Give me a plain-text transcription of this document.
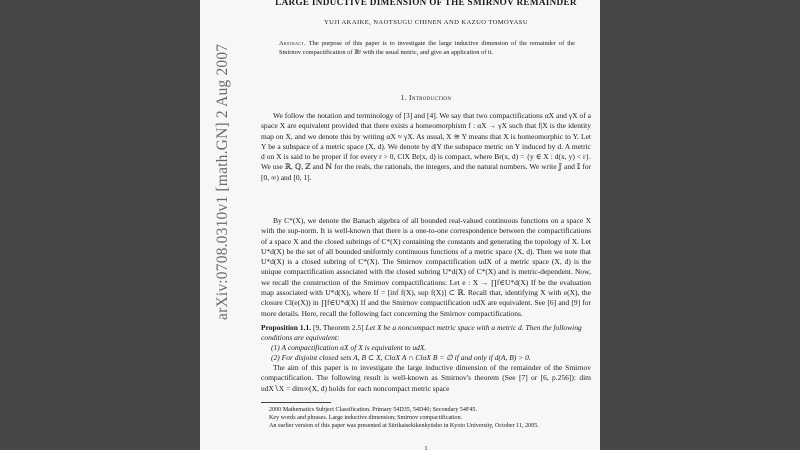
LARGE INDUCTIVE DIMENSION OF THE SMIRNOV REMAINDER
YUJI AKAIKE, NAOTSUGU CHINEN AND KAZUO TOMOYASU
Abstract. The purpose of this paper is to investigate the large inductive dimension of the remainder of the Smirnov compactification of ℝⁿ with the usual metric, and give an application of it.
1. Introduction
We follow the notation and terminology of [3] and [4]. We say that two compactifications αX and γX of a space X are equivalent provided that there exists a homeomorphism f : αX → γX such that f|X is the identity map on X, and we denote this by writing αX ≈ γX. As usual, X ≅ Y means that X is homeomorphic to Y. Let Y be a subspace of a metric space (X, d). We denote by d|Y the subspace metric on Y induced by d. A metric d on X is said to be proper if for every r > 0, ClX Br(x, d) is compact, where Br(x, d) = {y ∈ X : d(x, y) < r}. We use ℝ, ℚ, ℤ and ℕ for the reals, the rationals, the integers, and the natural numbers. We write 𝕁 and 𝕀 for [0, ∞) and [0, 1].
By C*(X), we denote the Banach algebra of all bounded real-valued continuous functions on a space X with the sup-norm. It is well-known that there is a one-to-one correspondence between the compactifications of a space X and the closed subrings of C*(X) containing the constants and generating the topology of X. Let U*d(X) be the set of all bounded uniformly continuous functions of a metric space (X, d). Then we note that U*d(X) is a closed subring of C*(X). The Smirnov compactification udX of a metric space (X, d) is the unique compactification associated with the closed subring U*d(X) of C*(X) and is metric-dependent. Now, we recall the construction of the Smirnov compactifications: Let e : X → ∏f∈U*d(X) If be the evaluation map associated with U*d(X), where If = [inf f(X), sup f(X)] ⊂ ℝ. Recall that, identifying X with e(X), the closure Cl(e(X)) in ∏f∈U*d(X) If and the Smirnov compactification udX are equivalent. See [6] and [9] for more details. Here, recall the following fact concerning the Smirnov compactifications.
Proposition 1.1. [9, Theorem 2.5] Let X be a noncompact metric space with a metric d. Then the following conditions are equivalent:
(1) A compactification αX of X is equivalent to udX.
(2) For disjoint closed sets A, B ⊂ X, ClαX A ∩ ClαX B = ∅ if and only if d(A, B) > 0.
The aim of this paper is to investigate the large inductive dimension of the remainder of the Smirnov compactification. The following result is well-known as Smirnov's theorem (See [7] or [6, p.256]): dim udX∖X = dim∞(X, d) holds for each noncompact metric space
2000 Mathematics Subject Classification. Primary 54D35, 54D40; Secondary 54F45.
Key words and phrases. Large inductive dimension; Smirnov compactification.
An earlier version of this paper was presented at Sūrikaisekikenkyūsho in Kyoto University, October 11, 2005.
1
arXiv:0708.0310v1 [math.GN] 2 Aug 2007
